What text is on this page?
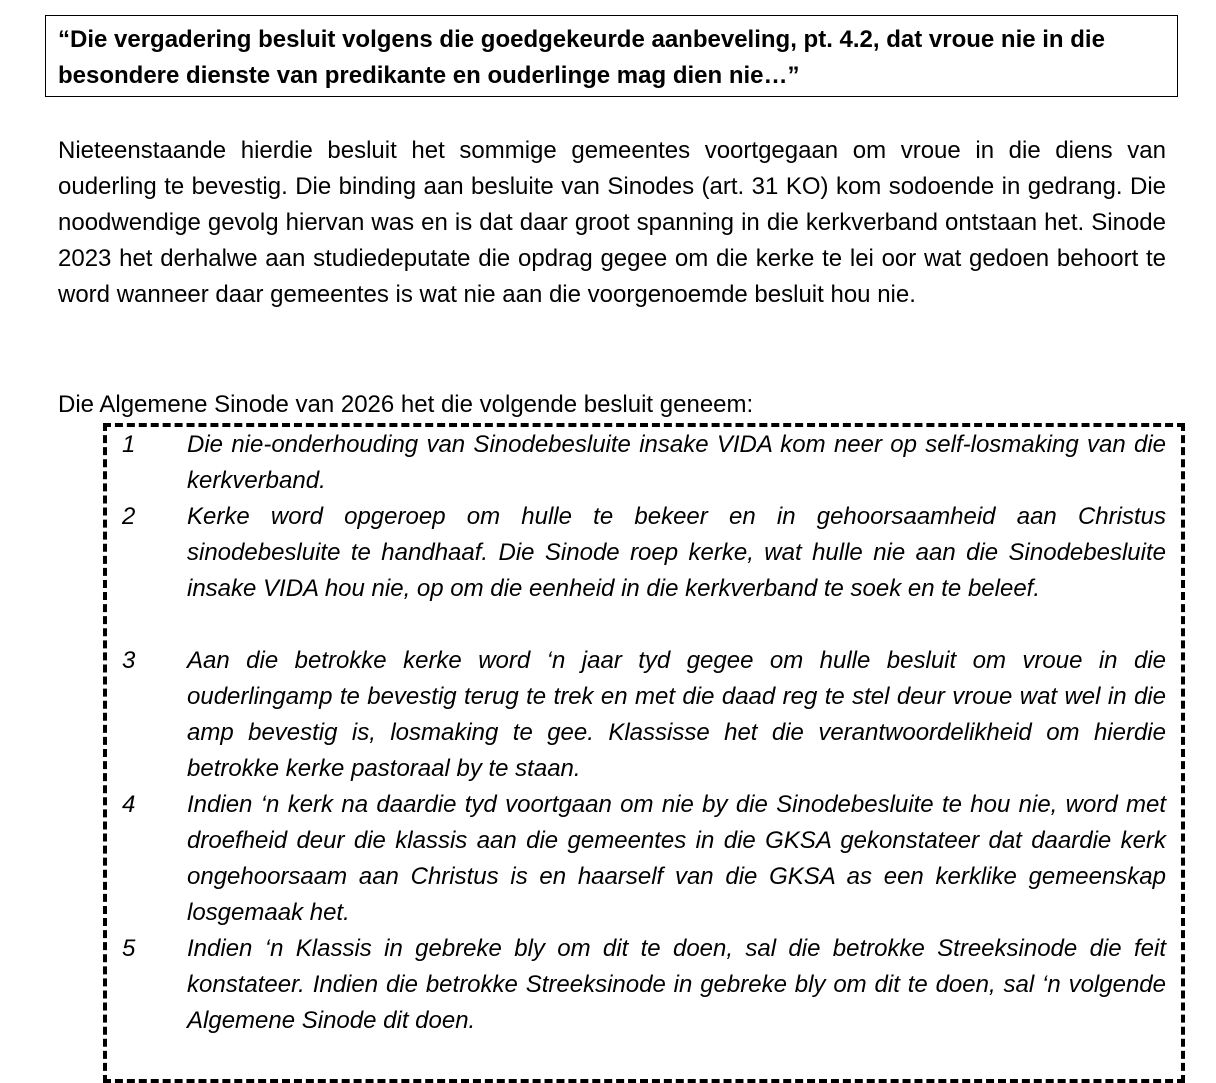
“Die vergadering besluit volgens die goedgekeurde aanbeveling, pt. 4.2, dat vroue nie in die besondere dienste van predikante en ouderlinge mag dien nie…”
Nieteenstaande hierdie besluit het sommige gemeentes voortgegaan om vroue in die diens van ouderling te bevestig. Die binding aan besluite van Sinodes (art. 31 KO) kom sodoende in gedrang. Die noodwendige gevolg hiervan was en is dat daar groot spanning in die kerkverband ontstaan het. Sinode 2023 het derhalwe aan studiedeputate die opdrag gegee om die kerke te lei oor wat gedoen behoort te word wanneer daar gemeentes is wat nie aan die voorgenoemde besluit hou nie.
Die Algemene Sinode van 2026 het die volgende besluit geneem:
1 Die nie-onderhouding van Sinodebesluite insake VIDA kom neer op self-losmaking van die kerkverband.
2 Kerke word opgeroep om hulle te bekeer en in gehoorsaamheid aan Christus sinodebesluite te handhaaf. Die Sinode roep kerke, wat hulle nie aan die Sinodebesluite insake VIDA hou nie, op om die eenheid in die kerkverband te soek en te beleef.
3 Aan die betrokke kerke word ‘n jaar tyd gegee om hulle besluit om vroue in die ouderlingamp te bevestig terug te trek en met die daad reg te stel deur vroue wat wel in die amp bevestig is, losmaking te gee. Klassisse het die verantwoordelikheid om hierdie betrokke kerke pastoraal by te staan.
4 Indien ‘n kerk na daardie tyd voortgaan om nie by die Sinodebesluite te hou nie, word met droefheid deur die klassis aan die gemeentes in die GKSA gekonstateer dat daardie kerk ongehoorsaam aan Christus is en haarself van die GKSA as een kerklike gemeenskap losgemaak het.
5 Indien ‘n Klassis in gebreke bly om dit te doen, sal die betrokke Streeksinode die feit konstateer. Indien die betrokke Streeksinode in gebreke bly om dit te doen, sal ‘n volgende Algemene Sinode dit doen.
